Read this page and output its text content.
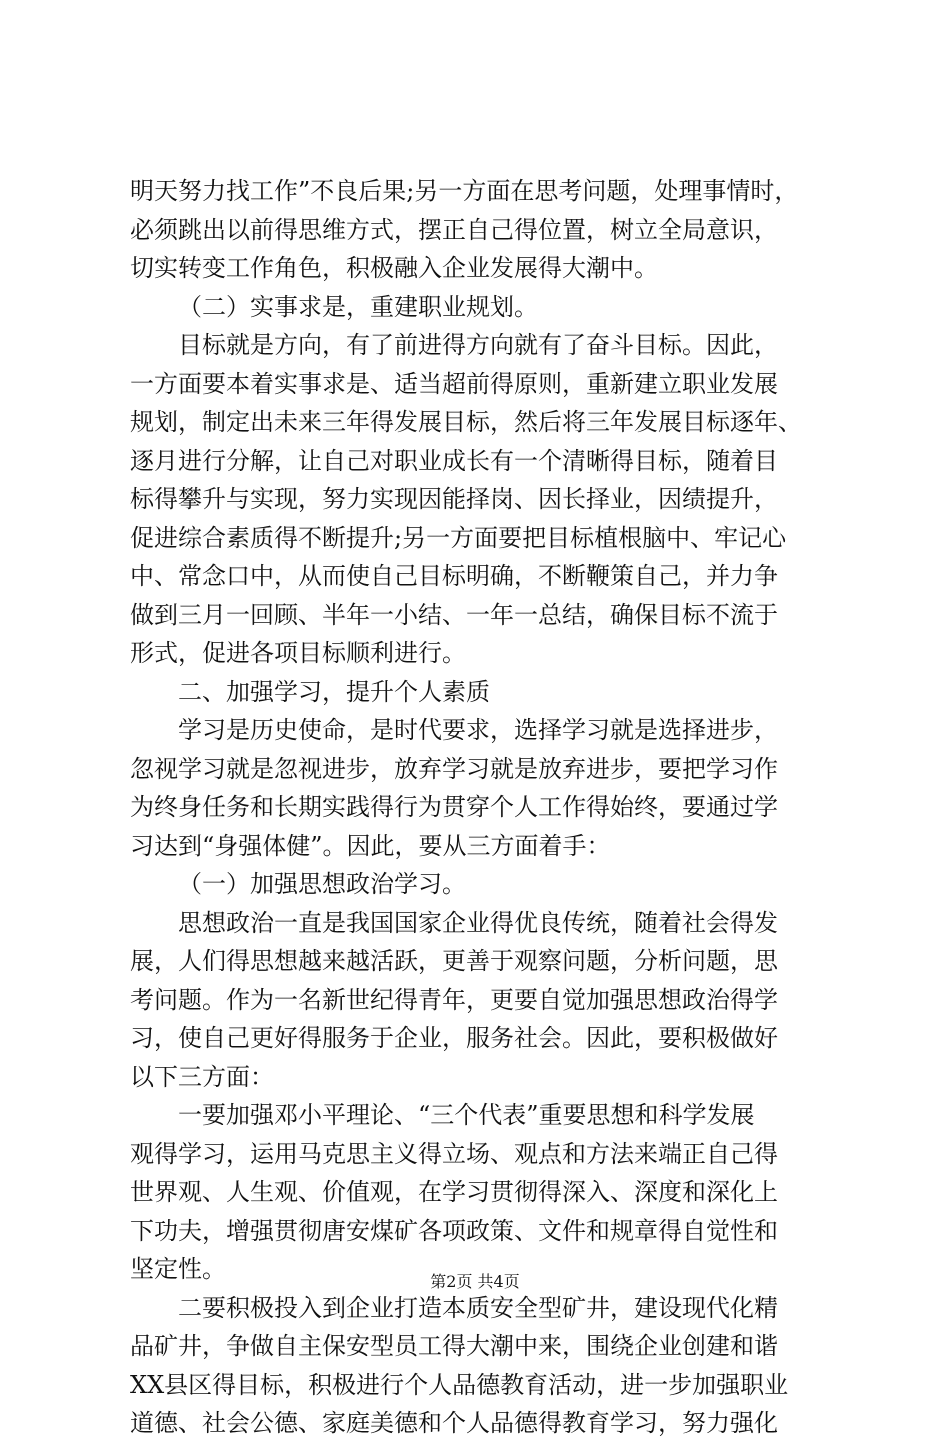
明天努力找工作”不良后果;另一方面在思考问题，处理事情时，
必须跳出以前得思维方式，摆正自己得位置，树立全局意识，
切实转变工作角色，积极融入企业发展得大潮中。
（二）实事求是，重建职业规划。
目标就是方向，有了前进得方向就有了奋斗目标。因此，
一方面要本着实事求是、适当超前得原则，重新建立职业发展
规划，制定出未来三年得发展目标，然后将三年发展目标逐年、
逐月进行分解，让自己对职业成长有一个清晰得目标，随着目
标得攀升与实现，努力实现因能择岗、因长择业，因绩提升，
促进综合素质得不断提升;另一方面要把目标植根脑中、牢记心
中、常念口中，从而使自己目标明确，不断鞭策自己，并力争
做到三月一回顾、半年一小结、一年一总结，确保目标不流于
形式，促进各项目标顺利进行。
二、加强学习，提升个人素质
学习是历史使命，是时代要求，选择学习就是选择进步，
忽视学习就是忽视进步，放弃学习就是放弃进步，要把学习作
为终身任务和长期实践得行为贯穿个人工作得始终，要通过学
习达到“身强体健”。因此，要从三方面着手：
（一）加强思想政治学习。
思想政治一直是我国国家企业得优良传统，随着社会得发
展，人们得思想越来越活跃，更善于观察问题，分析问题，思
考问题。作为一名新世纪得青年，更要自觉加强思想政治得学
习，使自己更好得服务于企业，服务社会。因此，要积极做好
以下三方面：
一要加强邓小平理论、“三个代表”重要思想和科学发展
观得学习，运用马克思主义得立场、观点和方法来端正自己得
世界观、人生观、价值观，在学习贯彻得深入、深度和深化上
下功夫，增强贯彻唐安煤矿各项政策、文件和规章得自觉性和
坚定性。
二要积极投入到企业打造本质安全型矿井，建设现代化精
品矿井，争做自主保安型员工得大潮中来，围绕企业创建和谐
XX县区得目标，积极进行个人品德教育活动，进一步加强职业
道德、社会公德、家庭美德和个人品德得教育学习，努力强化
第2页 共4页
